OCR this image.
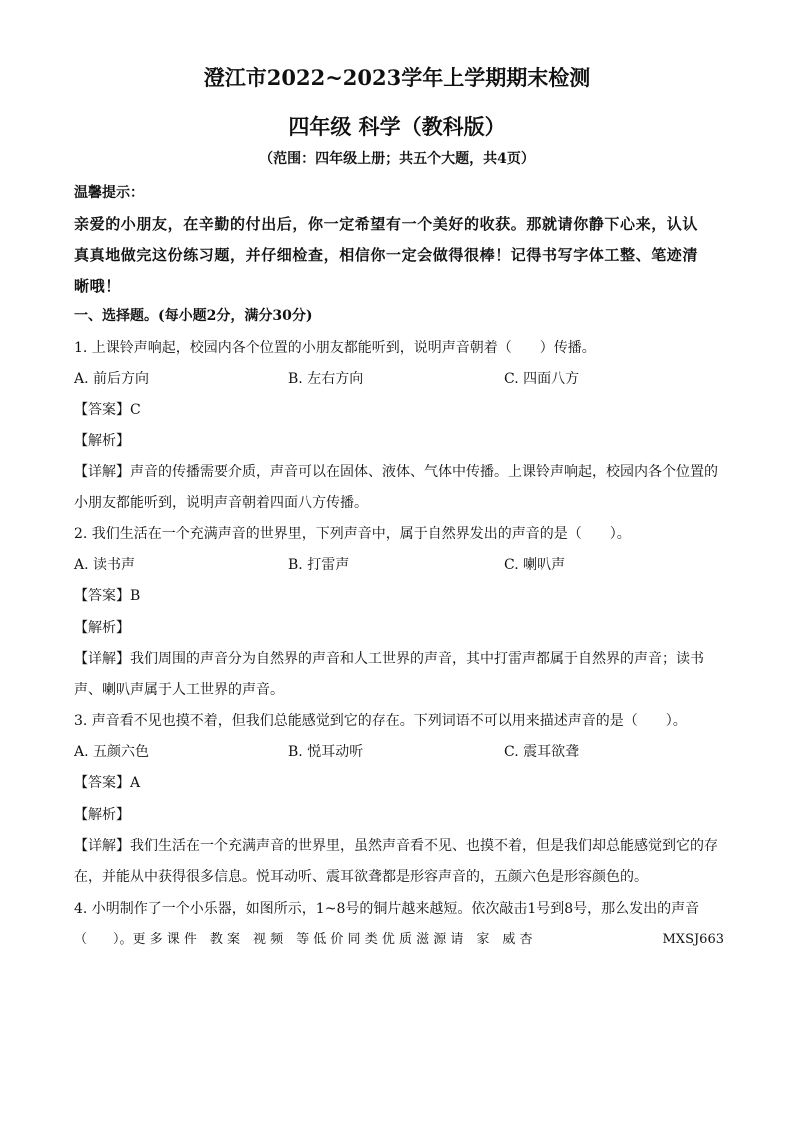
澄江市2022~2023学年上学期期末检测
四年级 科学（教科版）
（范围：四年级上册；共五个大题，共4页）
温馨提示：
亲爱的小朋友，在辛勤的付出后，你一定希望有一个美好的收获。那就请你静下心来，认认
真真地做完这份练习题，并仔细检查，相信你一定会做得很棒！记得书写字体工整、笔迹清
晰哦！
一、选择题。(每小题2分，满分30分)
1. 上课铃声响起，校园内各个位置的小朋友都能听到，说明声音朝着（　　）传播。
A. 前后方向	B. 左右方向	C. 四面八方
【答案】C
【解析】
【详解】声音的传播需要介质，声音可以在固体、液体、气体中传播。上课铃声响起，校园内各个位置的
小朋友都能听到，说明声音朝着四面八方传播。
2. 我们生活在一个充满声音的世界里，下列声音中，属于自然界发出的声音的是（　　）。
A. 读书声	B. 打雷声	C. 喇叭声
【答案】B
【解析】
【详解】我们周围的声音分为自然界的声音和人工世界的声音，其中打雷声都属于自然界的声音；读书
声、喇叭声属于人工世界的声音。
3. 声音看不见也摸不着，但我们总能感觉到它的存在。下列词语不可以用来描述声音的是（　　）。
A. 五颜六色	B. 悦耳动听	C. 震耳欲聋
【答案】A
【解析】
【详解】我们生活在一个充满声音的世界里，虽然声音看不见、也摸不着，但是我们却总能感觉到它的存
在，并能从中获得很多信息。悦耳动听、震耳欲聋都是形容声音的，五颜六色是形容颜色的。
4. 小明制作了一个小乐器，如图所示，1~8号的铜片越来越短。依次敲击1号到8号，那么发出的声音
（　　）。更 多 课 件　教 案　视 频　等 低 价 同 类 优 质 滋 源 请　家　威 杏	MXSJ663
